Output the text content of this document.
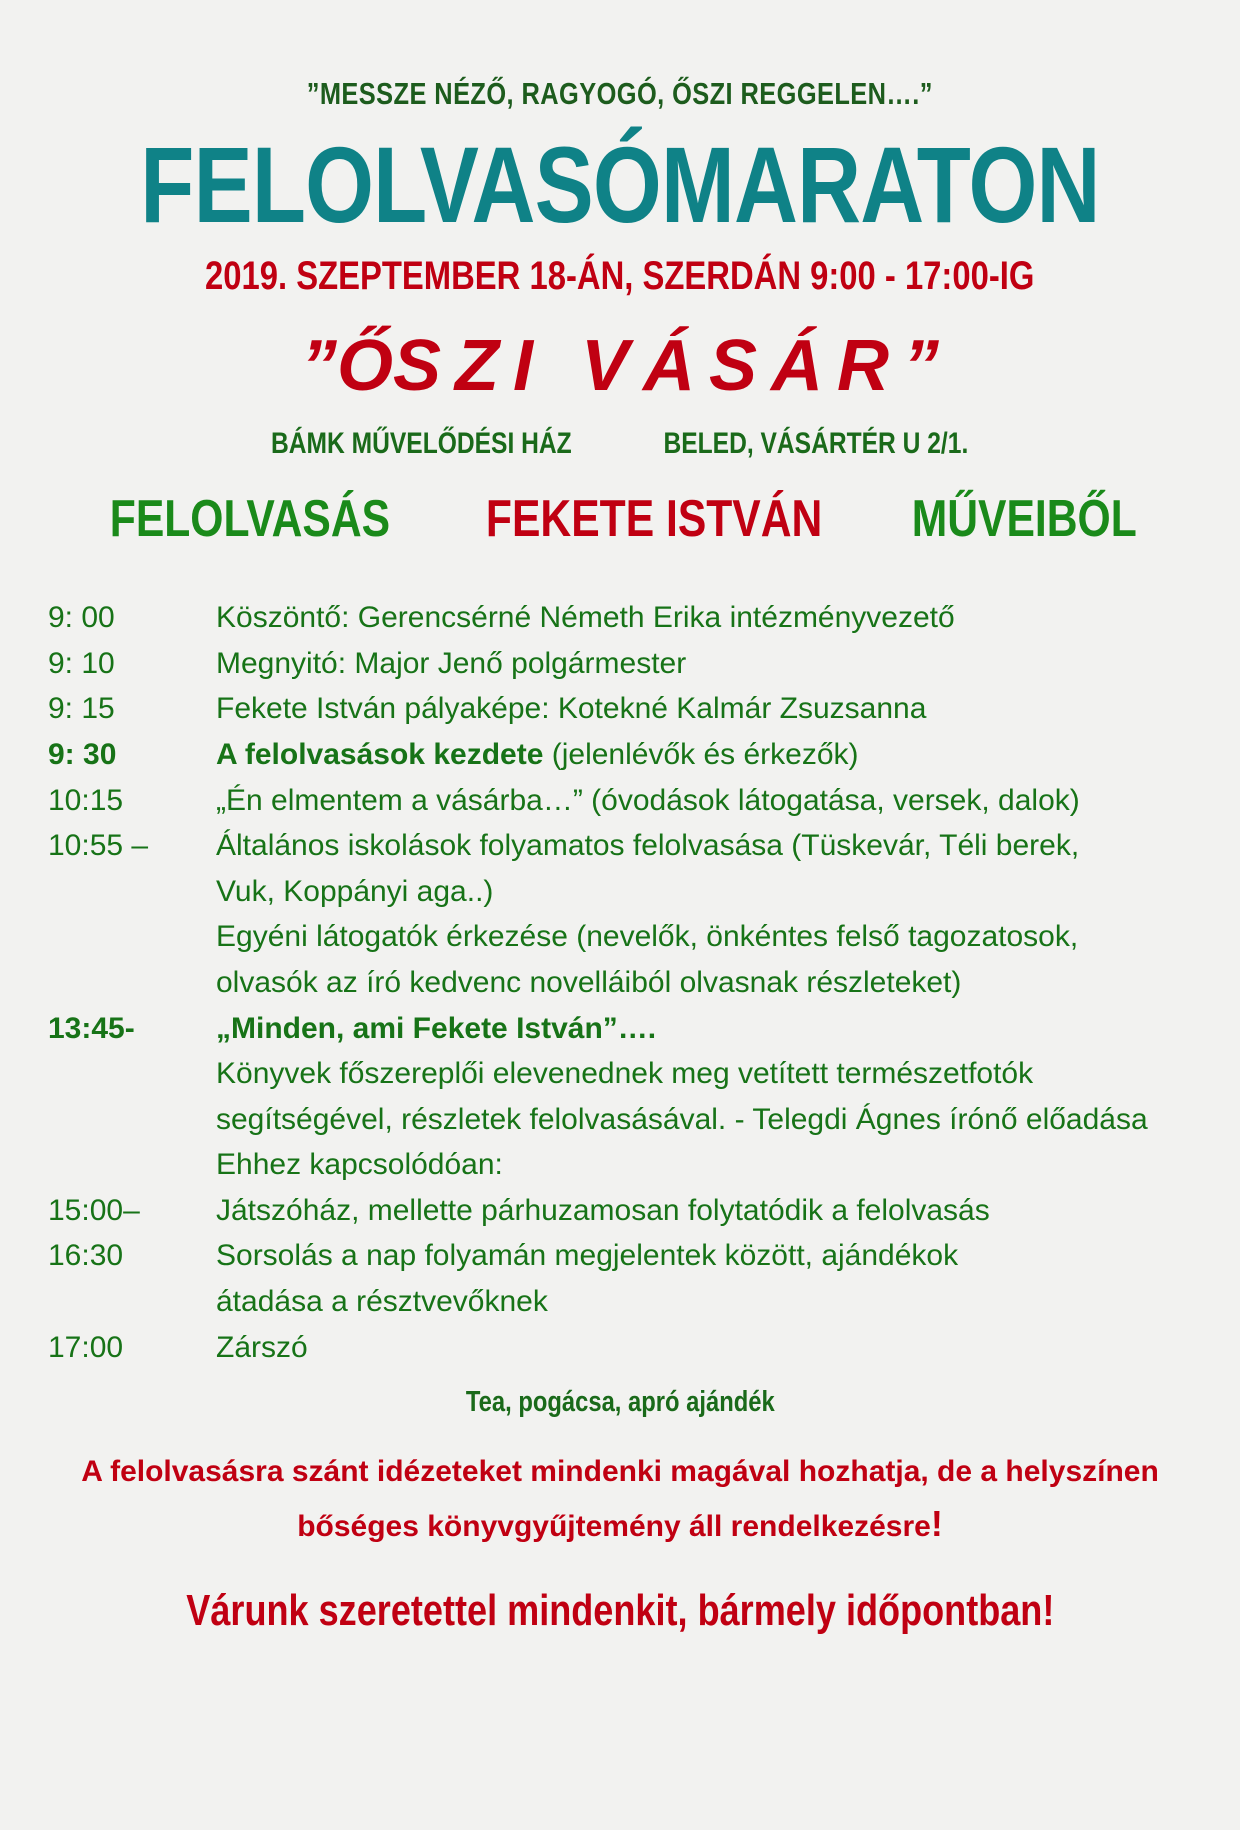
”MESSZE NÉZŐ, RAGYOGÓ, ŐSZI REGGELEN….”
FELOLVASÓMARATON
2019. SZEPTEMBER 18-ÁN, SZERDÁN 9:00 - 17:00-IG
”ŐSZI VÁSÁR”
BÁMK MŰVELŐDÉSI HÁZ	BELED, VÁSÁRTÉR U 2/1.
FELOLVASÁS FEKETE ISTVÁN MŰVEIBŐL
9: 00	Köszöntő: Gerencsérné Németh Erika intézményvezető
9: 10	Megnyitó: Major Jenő polgármester
9: 15	Fekete István pályaképe: Kotekné Kalmár Zsuzsanna
9: 30	A felolvasások kezdete (jelenlévők és érkezők)
10:15	„Én elmentem a vásárba…” (óvodások látogatása, versek, dalok)
10:55 –	Általános iskolások folyamatos felolvasása (Tüskevár, Téli berek,
Vuk, Koppányi aga..)
Egyéni látogatók érkezése (nevelők, önkéntes felső tagozatosok,
olvasók az író kedvenc novelláiból olvasnak részleteket)
13:45-	„Minden, ami Fekete István”….
Könyvek főszereplői elevenednek meg vetített természetfotók
segítségével, részletek felolvasásával. - Telegdi Ágnes írónő előadása
Ehhez kapcsolódóan:
15:00–	Játszóház, mellette párhuzamosan folytatódik a felolvasás
16:30	Sorsolás a nap folyamán megjelentek között, ajándékok
átadása a résztvevőknek
17:00	Zárszó
Tea, pogácsa, apró ajándék
A felolvasásra szánt idézeteket mindenki magával hozhatja, de a helyszínen bőséges könyvgyűjtemény áll rendelkezésre!
Várunk szeretettel mindenkit, bármely időpontban!
